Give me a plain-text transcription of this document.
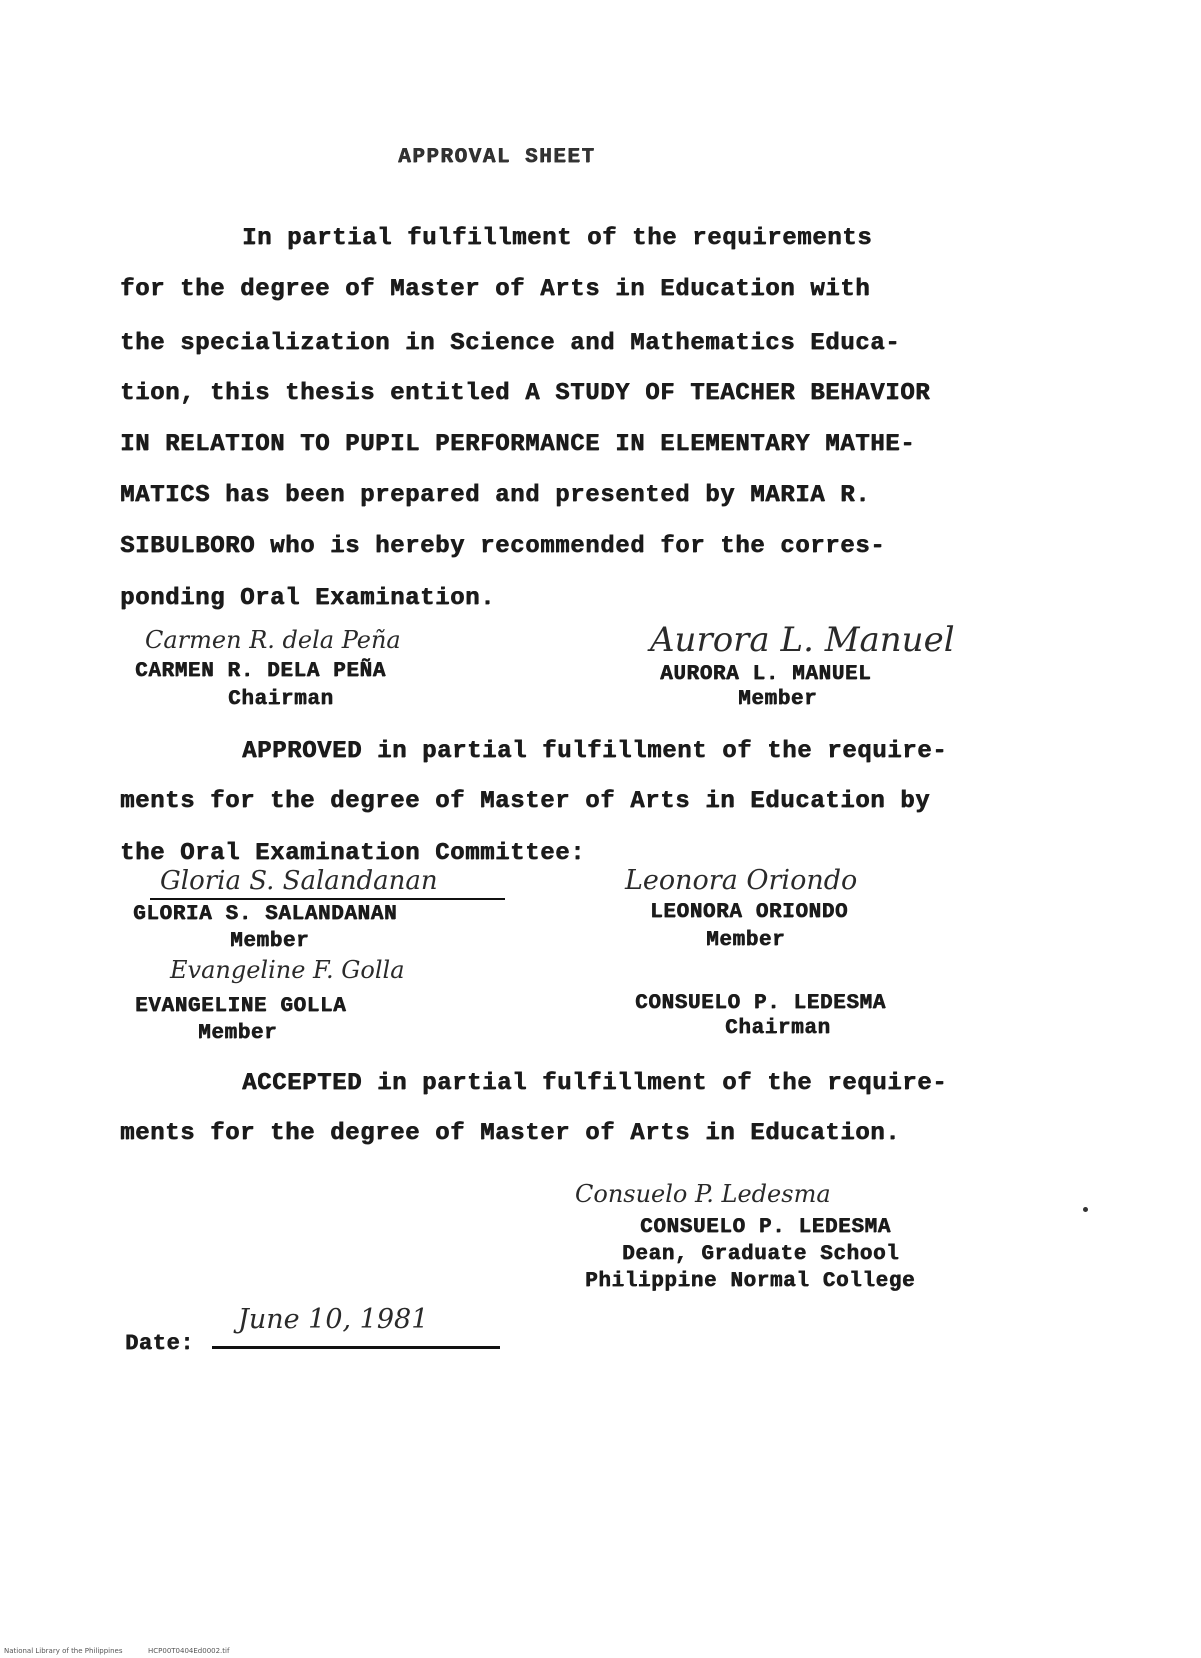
APPROVAL SHEET
In partial fulfillment of the requirements
for the degree of Master of Arts in Education with
the specialization in Science and Mathematics Educa-
tion, this thesis entitled A STUDY OF TEACHER BEHAVIOR
IN RELATION TO PUPIL PERFORMANCE IN ELEMENTARY MATHE-
MATICS has been prepared and presented by MARIA R.
SIBULBORO who is hereby recommended for the corres-
ponding Oral Examination.
Carmen R. dela Peña
CARMEN R. DELA PEÑA
Chairman
Aurora L. Manuel
AURORA L. MANUEL
Member
APPROVED in partial fulfillment of the require-
ments for the degree of Master of Arts in Education by
the Oral Examination Committee:
Gloria S. Salandanan
GLORIA S. SALANDANAN
Member
Leonora Oriondo
LEONORA ORIONDO
Member
Evangeline F. Golla
EVANGELINE GOLLA
Member
CONSUELO P. LEDESMA
Chairman
ACCEPTED in partial fulfillment of the require-
ments for the degree of Master of Arts in Education.
Consuelo P. Ledesma
CONSUELO P. LEDESMA
Dean, Graduate School
Philippine Normal College
Date:
June 10, 1981
National Library of the Philippines	HCP00T0404Ed0002.tif
